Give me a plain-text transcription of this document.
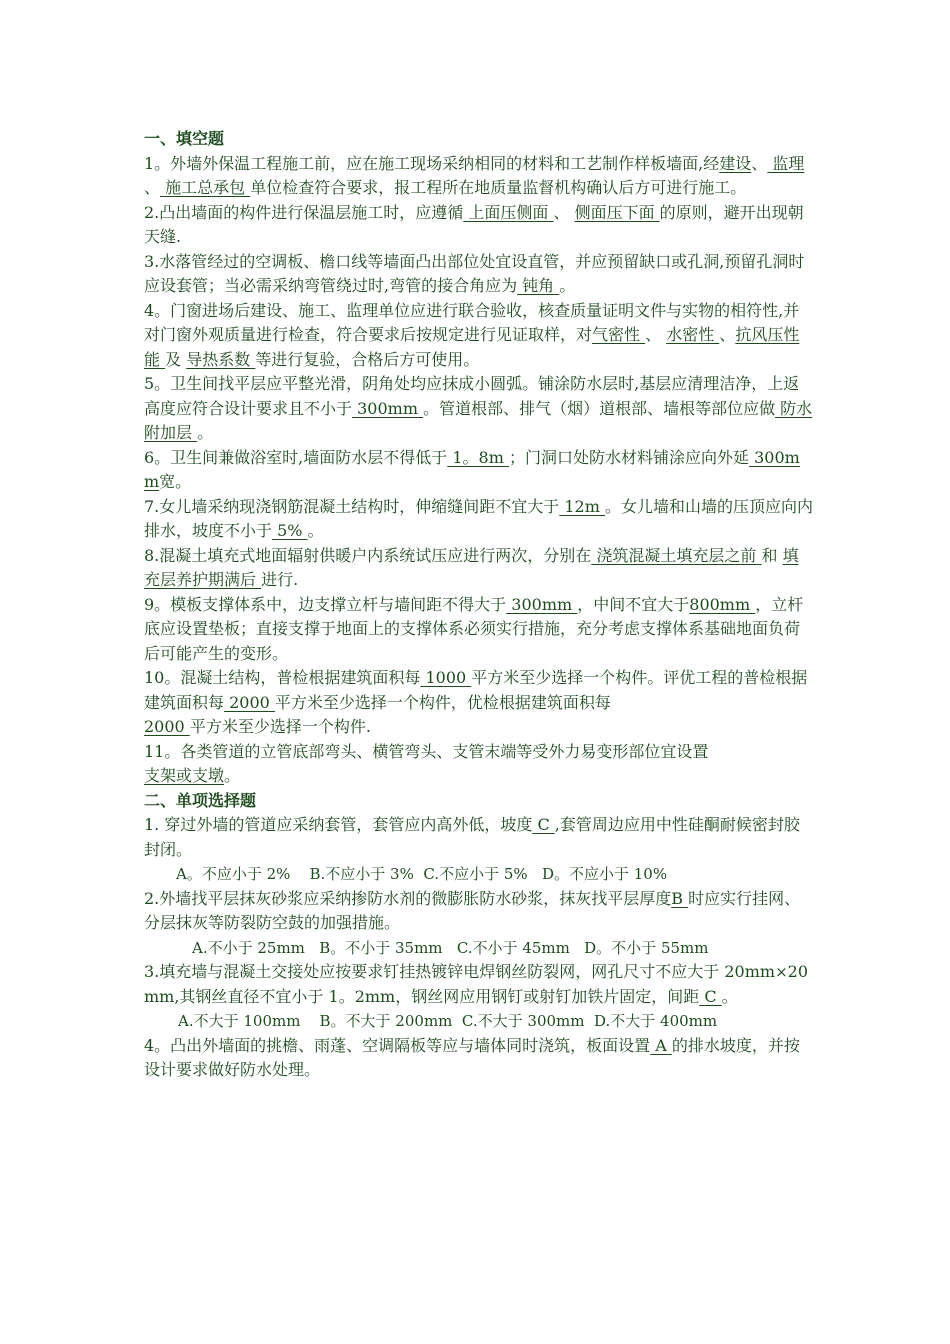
一、填空题

1。外墙外保温工程施工前，应在施工现场采纳相同的材料和工艺制作样板墙面,经建设、 监理 、 施工总承包 单位检查符合要求，报工程所在地质量监督机构确认后方可进行施工。

2.凸出墙面的构件进行保温层施工时，应遵循 上面压侧面 、 侧面压下面 的原则，避开出现朝天缝.

3.水落管经过的空调板、檐口线等墙面凸出部位处宜设直管，并应预留缺口或孔洞,预留孔洞时应设套管；当必需采纳弯管绕过时,弯管的接合角应为 钝角 。

4。门窗进场后建设、施工、监理单位应进行联合验收，核查质量证明文件与实物的相符性,并对门窗外观质量进行检查，符合要求后按规定进行见证取样，对气密性 、 水密性 、抗风压性能 及 导热系数 等进行复验，合格后方可使用。

5。卫生间找平层应平整光滑，阴角处均应抹成小圆弧。铺涂防水层时,基层应清理洁净，上返高度应符合设计要求且不小于 300mm 。管道根部、排气（烟）道根部、墙根等部位应做 防水附加层 。

6。卫生间兼做浴室时,墙面防水层不得低于 1。8m ；门洞口处防水材料铺涂应向外延 300mm宽。

7.女儿墙采纳现浇钢筋混凝土结构时，伸缩缝间距不宜大于 12m 。女儿墙和山墙的压顶应向内排水，坡度不小于 5% 。

8.混凝土填充式地面辐射供暖户内系统试压应进行两次，分别在 浇筑混凝土填充层之前 和 填充层养护期满后 进行.

9。模板支撑体系中，边支撑立杆与墙间距不得大于 300mm ，中间不宜大于800mm ，立杆底应设置垫板；直接支撑于地面上的支撑体系必须实行措施，充分考虑支撑体系基础地面负荷后可能产生的变形。

10。混凝土结构，普检根据建筑面积每 1000 平方米至少选择一个构件。评优工程的普检根据建筑面积每 2000 平方米至少选择一个构件，优检根据建筑面积每

2000 平方米至少选择一个构件.

11。各类管道的立管底部弯头、横管弯头、支管末端等受外力易变形部位宜设置

支架或支墩。

二、单项选择题

1. 穿过外墙的管道应采纳套管，套管应内高外低，坡度 C ,套管周边应用中性硅酮耐候密封胶封闭。

A。不应小于 2%    B.不应小于 3%  C.不应小于 5%   D。不应小于 10%

2.外墙找平层抹灰砂浆应采纳掺防水剂的微膨胀防水砂浆，抹灰找平层厚度B 时应实行挂网、分层抹灰等防裂防空鼓的加强措施。

A.不小于 25mm   B。不小于 35mm   C.不小于 45mm   D。不小于 55mm

3.填充墙与混凝土交接处应按要求钉挂热镀锌电焊钢丝防裂网，网孔尺寸不应大于 20mm×20mm,其钢丝直径不宜小于 1。2mm，钢丝网应用钢钉或射钉加铁片固定，间距 C 。

A.不大于 100mm    B。不大于 200mm  C.不大于 300mm  D.不大于 400mm

4。凸出外墙面的挑檐、雨蓬、空调隔板等应与墙体同时浇筑，板面设置 A 的排水坡度，并按设计要求做好防水处理。
